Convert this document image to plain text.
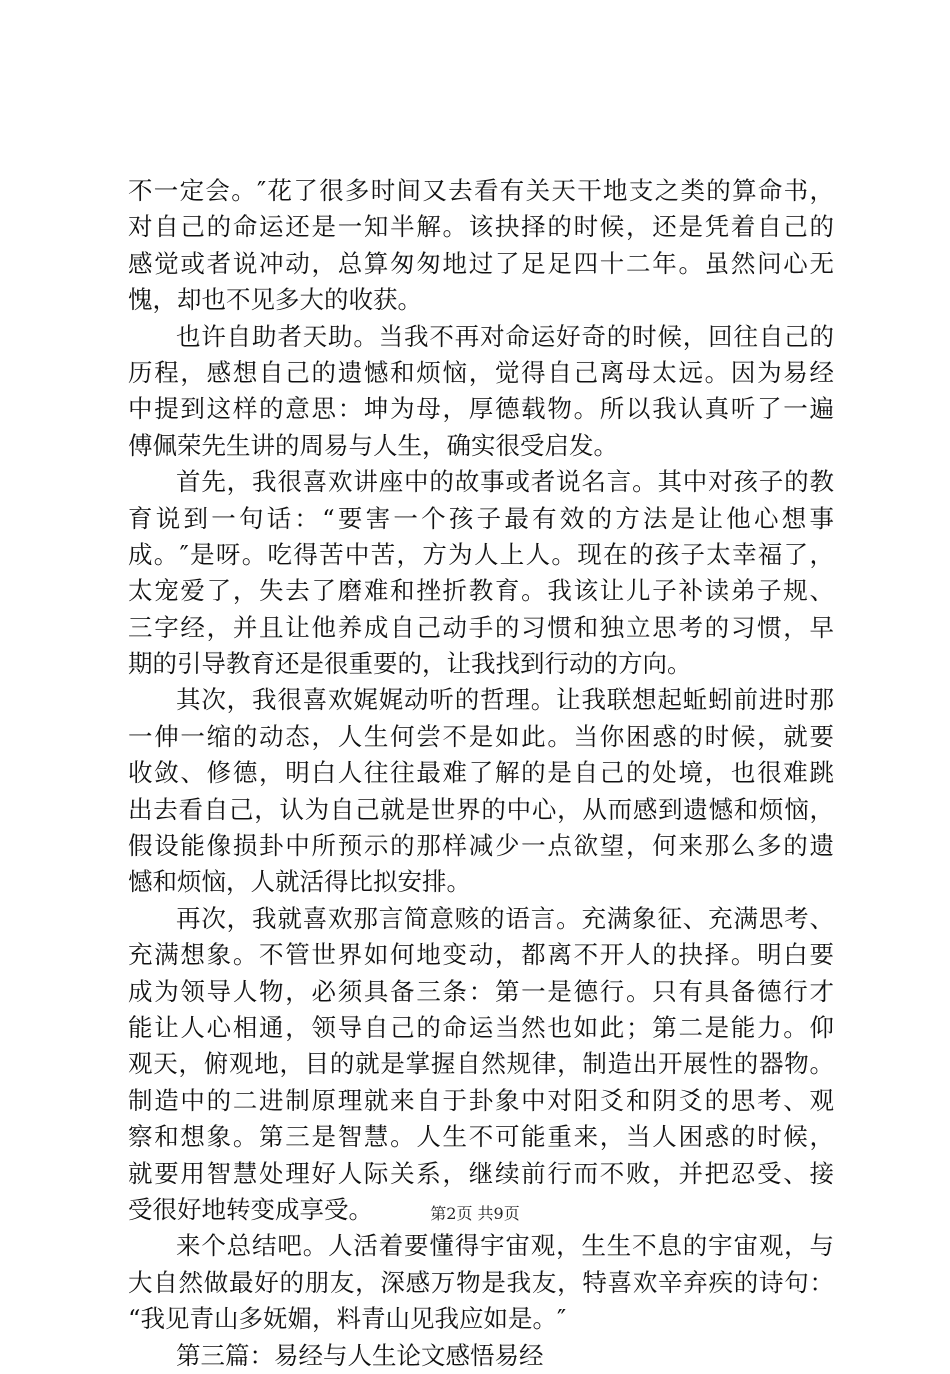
不一定会。″花了很多时间又去看有关天干地支之类的算命书，
对自己的命运还是一知半解。该抉择的时候，还是凭着自己的
感觉或者说冲动，总算匆匆地过了足足四十二年。虽然问心无
愧，却也不见多大的收获。
也许自助者天助。当我不再对命运好奇的时候，回往自己的
历程，感想自己的遗憾和烦恼，觉得自己离母太远。因为易经
中提到这样的意思：坤为母，厚德载物。所以我认真听了一遍
傅佩荣先生讲的周易与人生，确实很受启发。
首先，我很喜欢讲座中的故事或者说名言。其中对孩子的教
育说到一句话：“要害一个孩子最有效的方法是让他心想事
成。″是呀。吃得苦中苦，方为人上人。现在的孩子太幸福了，
太宠爱了，失去了磨难和挫折教育。我该让儿子补读弟子规、
三字经，并且让他养成自己动手的习惯和独立思考的习惯，早
期的引导教育还是很重要的，让我找到行动的方向。
其次，我很喜欢娓娓动听的哲理。让我联想起蚯蚓前进时那
一伸一缩的动态，人生何尝不是如此。当你困惑的时候，就要
收敛、修德，明白人往往最难了解的是自己的处境，也很难跳
出去看自己，认为自己就是世界的中心，从而感到遗憾和烦恼，
假设能像损卦中所预示的那样减少一点欲望，何来那么多的遗
憾和烦恼，人就活得比拟安排。
再次，我就喜欢那言简意赅的语言。充满象征、充满思考、
充满想象。不管世界如何地变动，都离不开人的抉择。明白要
成为领导人物，必须具备三条：第一是德行。只有具备德行才
能让人心相通，领导自己的命运当然也如此；第二是能力。仰
观天，俯观地，目的就是掌握自然规律，制造出开展性的器物。
制造中的二进制原理就来自于卦象中对阳爻和阴爻的思考、观
察和想象。第三是智慧。人生不可能重来，当人困惑的时候，
就要用智慧处理好人际关系，继续前行而不败，并把忍受、接
受很好地转变成享受。
来个总结吧。人活着要懂得宇宙观，生生不息的宇宙观，与
大自然做最好的朋友，深感万物是我友，特喜欢辛弃疾的诗句：
“我见青山多妩媚，料青山见我应如是。″
第三篇：易经与人生论文感悟易经
第2页 共9页
